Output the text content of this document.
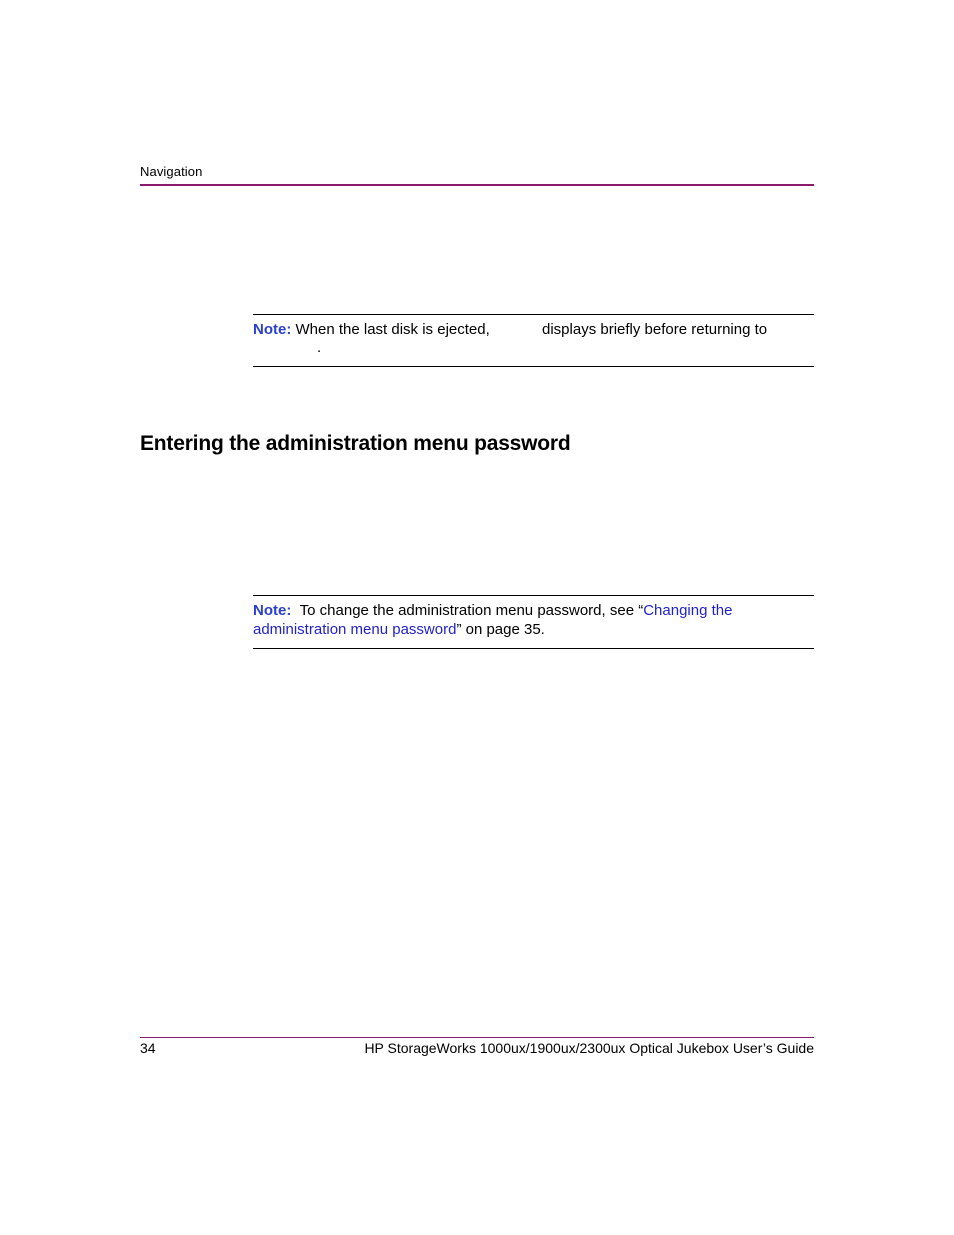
Navigation
Note: When the last disk is ejected,	displays briefly before returning to
.
Entering the administration menu password
Note: To change the administration menu password, see “Changing the administration menu password” on page 35.
34	HP StorageWorks 1000ux/1900ux/2300ux Optical Jukebox User’s Guide
